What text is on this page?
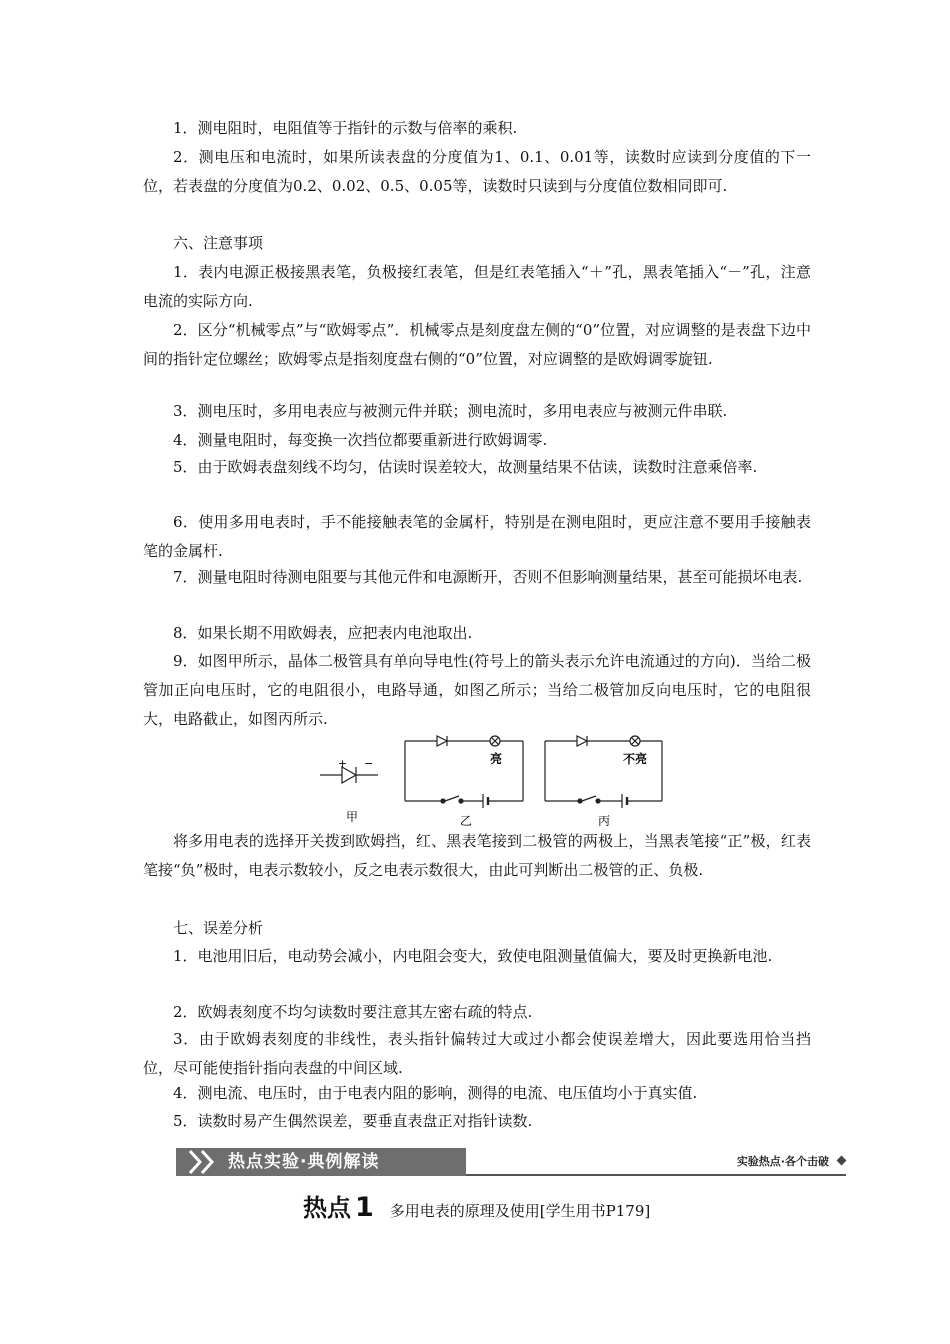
1．测电阻时，电阻值等于指针的示数与倍率的乘积.

2．测电压和电流时，如果所读表盘的分度值为1、0.1、0.01等，读数时应读到分度值的下一位，若表盘的分度值为0.2、0.02、0.5、0.05等，读数时只读到与分度值位数相同即可.

六、注意事项

1．表内电源正极接黑表笔，负极接红表笔，但是红表笔插入“＋”孔，黑表笔插入“－”孔，注意电流的实际方向.

2．区分“机械零点”与“欧姆零点”．机械零点是刻度盘左侧的“0”位置，对应调整的是表盘下边中间的指针定位螺丝；欧姆零点是指刻度盘右侧的“0”位置，对应调整的是欧姆调零旋钮.

3．测电压时，多用电表应与被测元件并联；测电流时，多用电表应与被测元件串联.

4．测量电阻时，每变换一次挡位都要重新进行欧姆调零.

5．由于欧姆表盘刻线不均匀，估读时误差较大，故测量结果不估读，读数时注意乘倍率.

6．使用多用电表时，手不能接触表笔的金属杆，特别是在测电阻时，更应注意不要用手接触表笔的金属杆.

7．测量电阻时待测电阻要与其他元件和电源断开，否则不但影响测量结果，甚至可能损坏电表.

8．如果长期不用欧姆表，应把表内电池取出.

9．如图甲所示，晶体二极管具有单向导电性(符号上的箭头表示允许电流通过的方向)．当给二极管加正向电压时，它的电阻很小，电路导通，如图乙所示；当给二极管加反向电压时，它的电阻很大，电路截止，如图丙所示.

+ −
甲
亮
乙
不亮
丙

将多用电表的选择开关拨到欧姆挡，红、黑表笔接到二极管的两极上，当黑表笔接“正”极，红表笔接“负”极时，电表示数较小，反之电表示数很大，由此可判断出二极管的正、负极.

七、误差分析

1．电池用旧后，电动势会减小，内电阻会变大，致使电阻测量值偏大，要及时更换新电池.

2．欧姆表刻度不均匀读数时要注意其左密右疏的特点.

3．由于欧姆表刻度的非线性，表头指针偏转过大或过小都会使误差增大，因此要选用恰当挡位，尽可能使指针指向表盘的中间区域.

4．测电流、电压时，由于电表内阻的影响，测得的电流、电压值均小于真实值.

5．读数时易产生偶然误差，要垂直表盘正对指针读数.

热点实验·典例解读	实验热点·各个击破
热点 1 多用电表的原理及使用[学生用书P179]
